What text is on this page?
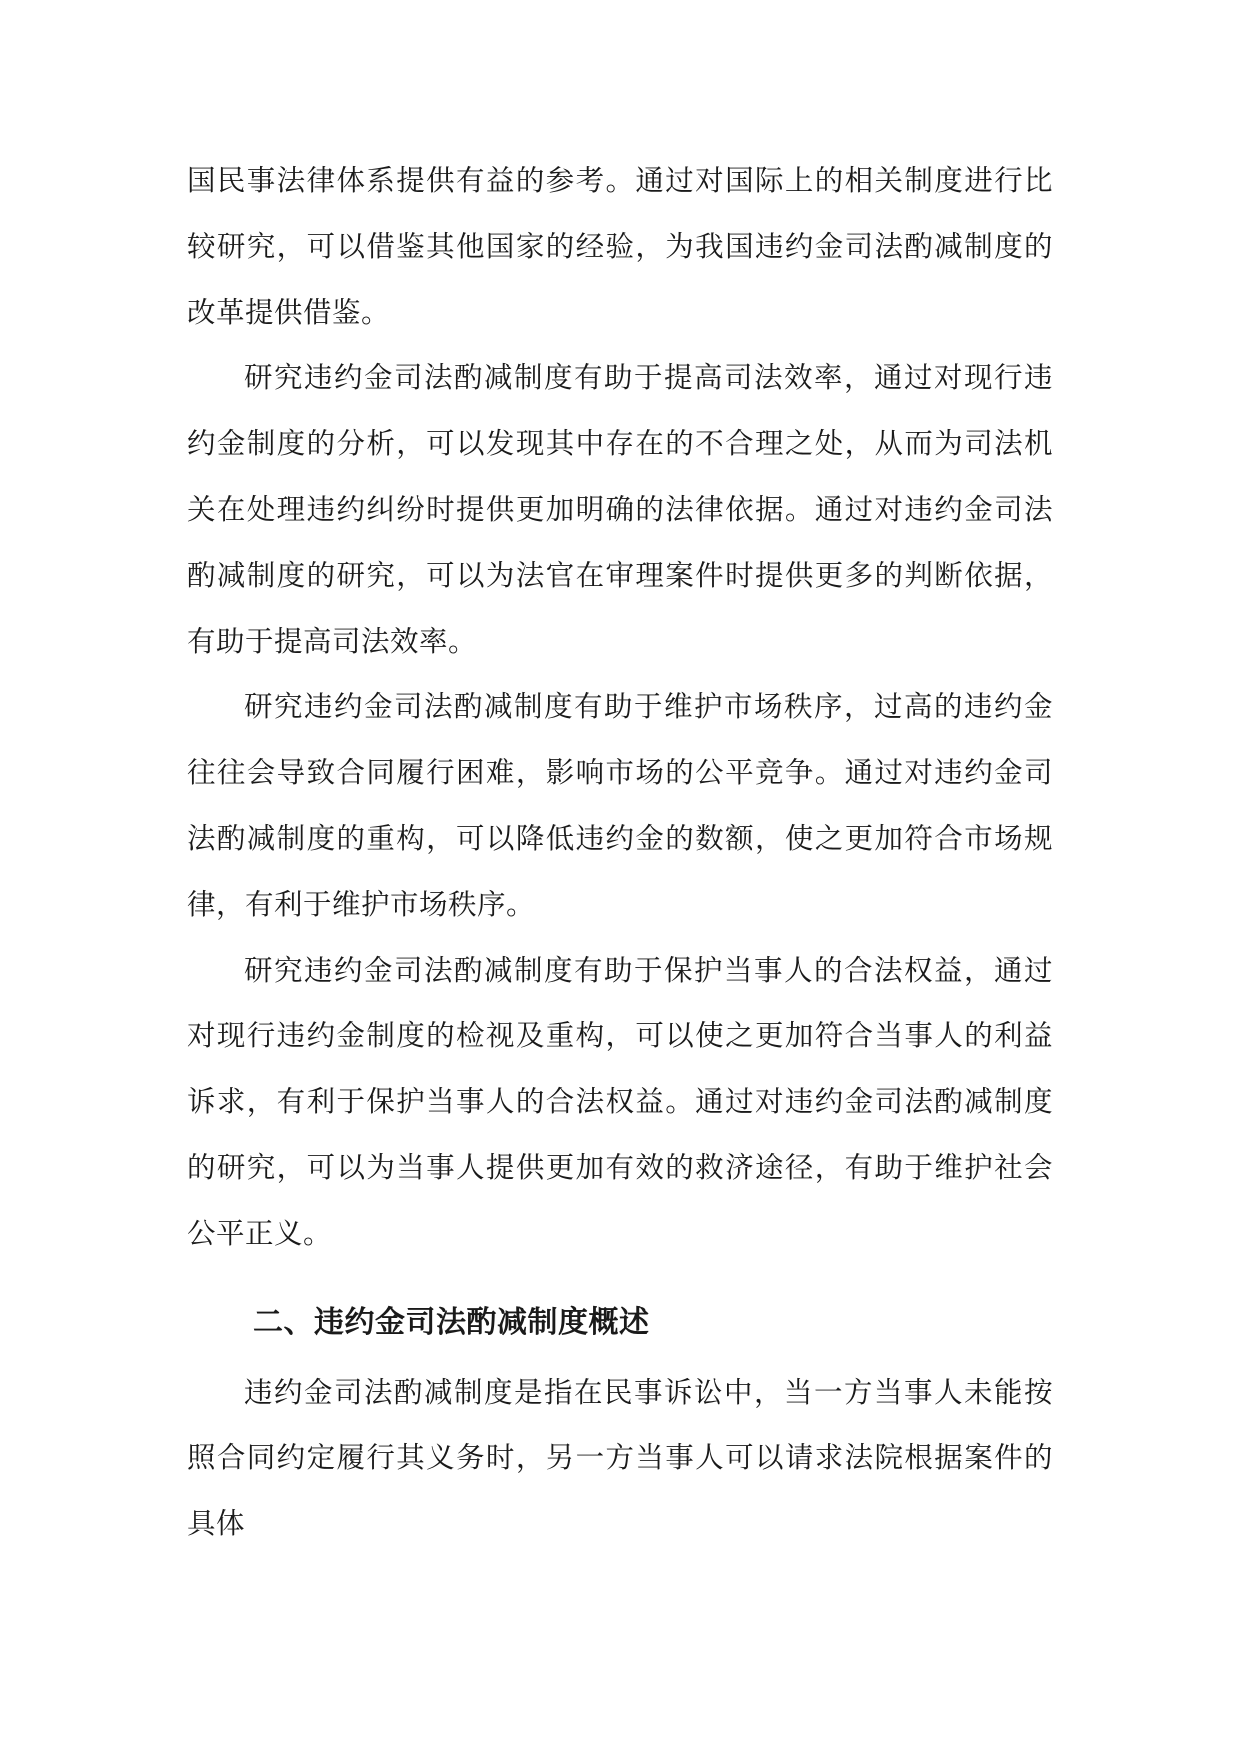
国民事法律体系提供有益的参考。通过对国际上的相关制度进行比较研究，可以借鉴其他国家的经验，为我国违约金司法酌减制度的改革提供借鉴。

研究违约金司法酌减制度有助于提高司法效率，通过对现行违约金制度的分析，可以发现其中存在的不合理之处，从而为司法机关在处理违约纠纷时提供更加明确的法律依据。通过对违约金司法酌减制度的研究，可以为法官在审理案件时提供更多的判断依据，有助于提高司法效率。

研究违约金司法酌减制度有助于维护市场秩序，过高的违约金往往会导致合同履行困难，影响市场的公平竞争。通过对违约金司法酌减制度的重构，可以降低违约金的数额，使之更加符合市场规律，有利于维护市场秩序。

研究违约金司法酌减制度有助于保护当事人的合法权益，通过对现行违约金制度的检视及重构，可以使之更加符合当事人的利益诉求，有利于保护当事人的合法权益。通过对违约金司法酌减制度的研究，可以为当事人提供更加有效的救济途径，有助于维护社会公平正义。

二、违约金司法酌减制度概述

违约金司法酌减制度是指在民事诉讼中，当一方当事人未能按照合同约定履行其义务时，另一方当事人可以请求法院根据案件的具体
